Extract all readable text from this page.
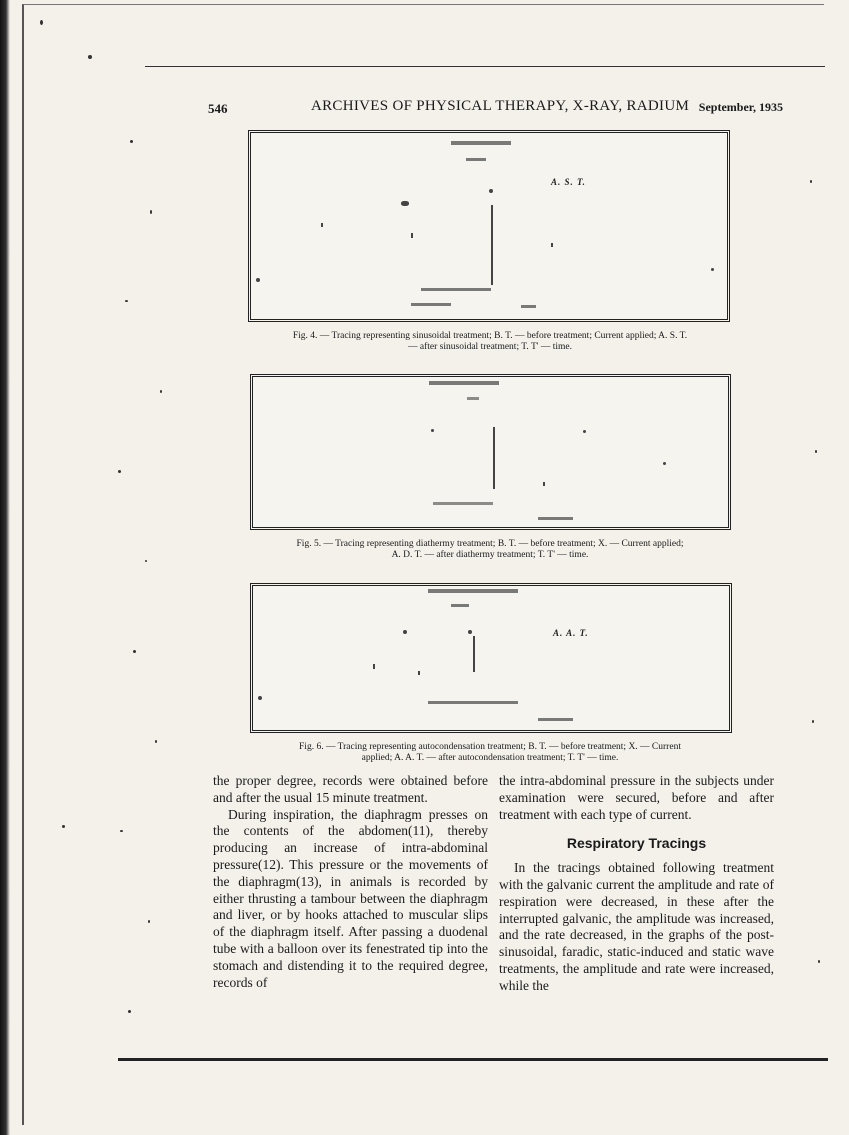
546	ARCHIVES OF PHYSICAL THERAPY, X-RAY, RADIUM September, 1935
A. S. T.
Fig. 4. — Tracing representing sinusoidal treatment; B. T. — before treatment; Current applied; A. S. T.
— after sinusoidal treatment; T. T' — time.
Fig. 5. — Tracing representing diathermy treatment; B. T. — before treatment; X. — Current applied;
A. D. T. — after diathermy treatment; T. T' — time.
A. A. T.
Fig. 6. — Tracing representing autocondensation treatment; B. T. — before treatment; X. — Current
applied; A. A. T. — after autocondensation treatment; T. T' — time.

the proper degree, records were obtained before and after the usual 15 minute treatment.

During inspiration, the diaphragm presses on the contents of the abdomen(11), thereby producing an increase of intra-abdominal pressure(12). This pressure or the movements of the diaphragm(13), in animals is recorded by either thrusting a tambour between the diaphragm and liver, or by hooks attached to muscular slips of the diaphragm itself. After passing a duodenal tube with a balloon over its fenestrated tip into the stomach and distending it to the required degree, records of

the intra-abdominal pressure in the subjects under examination were secured, before and after treatment with each type of current.

Respiratory Tracings

In the tracings obtained following treatment with the galvanic current the amplitude and rate of respiration were decreased, in these after the interrupted galvanic, the amplitude was increased, and the rate decreased, in the graphs of the post-sinusoidal, faradic, static-induced and static wave treatments, the amplitude and rate were increased, while the
